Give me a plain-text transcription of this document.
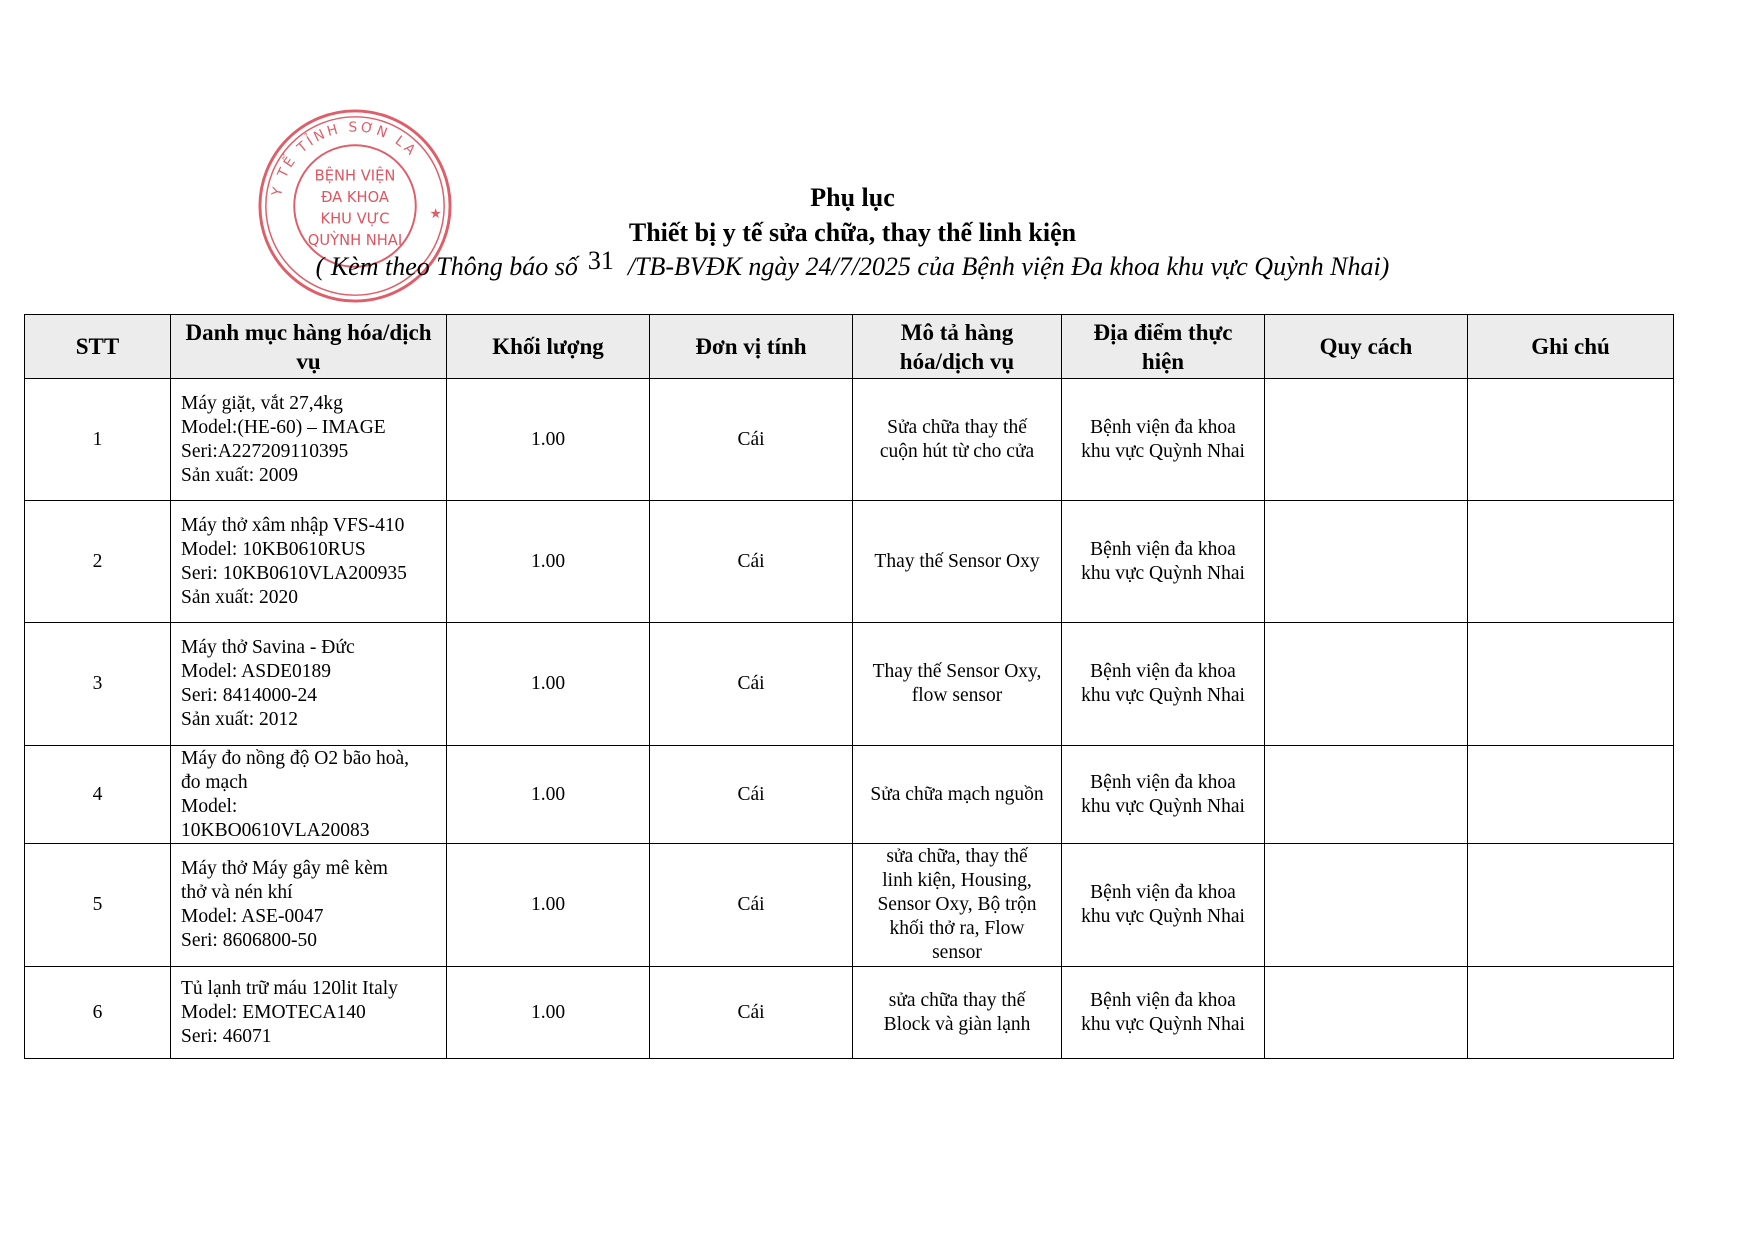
Y TẾ TỈNH SƠN LA
★
BỆNH VIỆN
ĐA KHOA
KHU VỰC
QUỲNH NHAI
Phụ lục
Thiết bị y tế sửa chữa, thay thế linh kiện
( Kèm theo Thông báo số 31 /TB-BVĐK ngày 24/7/2025 của Bệnh viện Đa khoa khu vực Quỳnh Nhai)
STT	Danh mục hàng hóa/dịch vụ	Khối lượng	Đơn vị tính	Mô tả hàng hóa/dịch vụ	Địa điểm thực hiện	Quy cách	Ghi chú
1	Máy giặt, vắt 27,4kg
Model:(HE-60) – IMAGE
Seri:A227209110395
Sản xuất: 2009	1.00	Cái	Sửa chữa thay thế
cuộn hút từ cho cửa	Bệnh viện đa khoa
khu vực Quỳnh Nhai		

2	Máy thở xâm nhập VFS-410
Model: 10KB0610RUS
Seri: 10KB0610VLA200935
Sản xuất: 2020	1.00	Cái	Thay thế Sensor Oxy	Bệnh viện đa khoa
khu vực Quỳnh Nhai		

3	Máy thở Savina - Đức
Model: ASDE0189
Seri: 8414000-24
Sản xuất: 2012	1.00	Cái	Thay thế Sensor Oxy,
flow sensor	Bệnh viện đa khoa
khu vực Quỳnh Nhai		

4	Máy đo nồng độ O2 bão hoà,
đo mạch
Model:
10KBO0610VLA20083	1.00	Cái	Sửa chữa mạch nguồn	Bệnh viện đa khoa
khu vực Quỳnh Nhai		

5	Máy thở Máy gây mê kèm
thở và nén khí
Model: ASE-0047
Seri: 8606800-50	1.00	Cái	sửa chữa, thay thế
linh kiện, Housing,
Sensor Oxy, Bộ trộn
khối thở ra, Flow
sensor	Bệnh viện đa khoa
khu vực Quỳnh Nhai		

6	Tủ lạnh trữ máu 120lit Italy
Model: EMOTECA140
Seri: 46071	1.00	Cái	sửa chữa thay thế
Block và giàn lạnh	Bệnh viện đa khoa
khu vực Quỳnh Nhai		
